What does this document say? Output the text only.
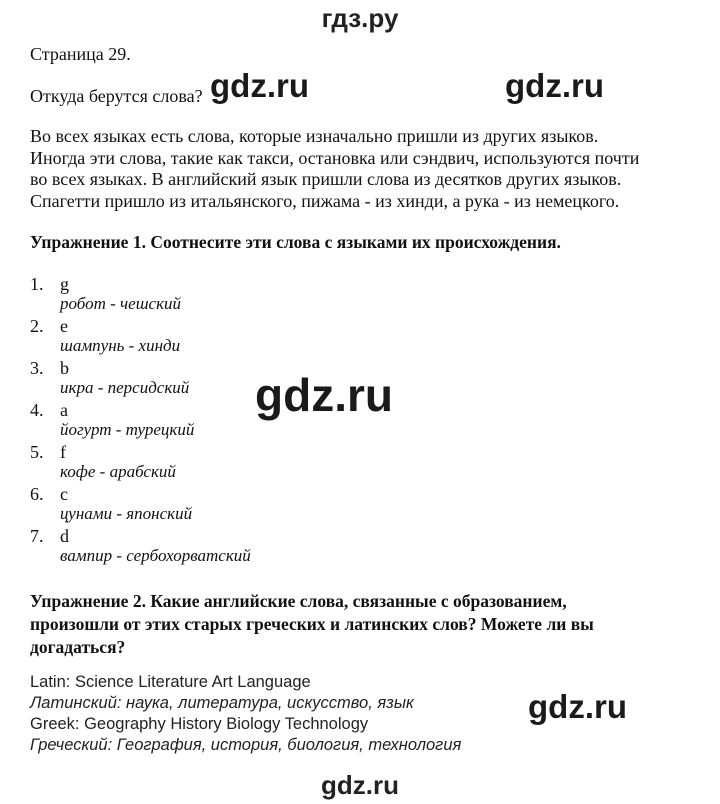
гдз.ру
Страница 29.
Откуда берутся слова? gdz.ru	gdz.ru
Во всех языках есть слова, которые изначально пришли из других языков.
Иногда эти слова, такие как такси, остановка или сэндвич, используются почти
во всех языках. В английский язык пришли слова из десятков других языков.
Спагетти пришло из итальянского, пижама - из хинди, а рука - из немецкого.
Упражнение 1. Соотнесите эти слова с языками их происхождения.
1. g
робот - чешский
2. e
шампунь - хинди
3. b
икра - персидский
4. a
йогурт - турецкий
5. f
кофе - арабский
6. c
цунами - японский
7. d
вампир - сербохорватский
gdz.ru
Упражнение 2. Какие английские слова, связанные с образованием,
произошли от этих старых греческих и латинских слов? Можете ли вы
догадаться?
Latin: Science Literature Art Language
Латинский: наука, литература, искусство, язык
Greek: Geography History Biology Technology
Греческий: География, история, биология, технология
gdz.ru
gdz.ru
